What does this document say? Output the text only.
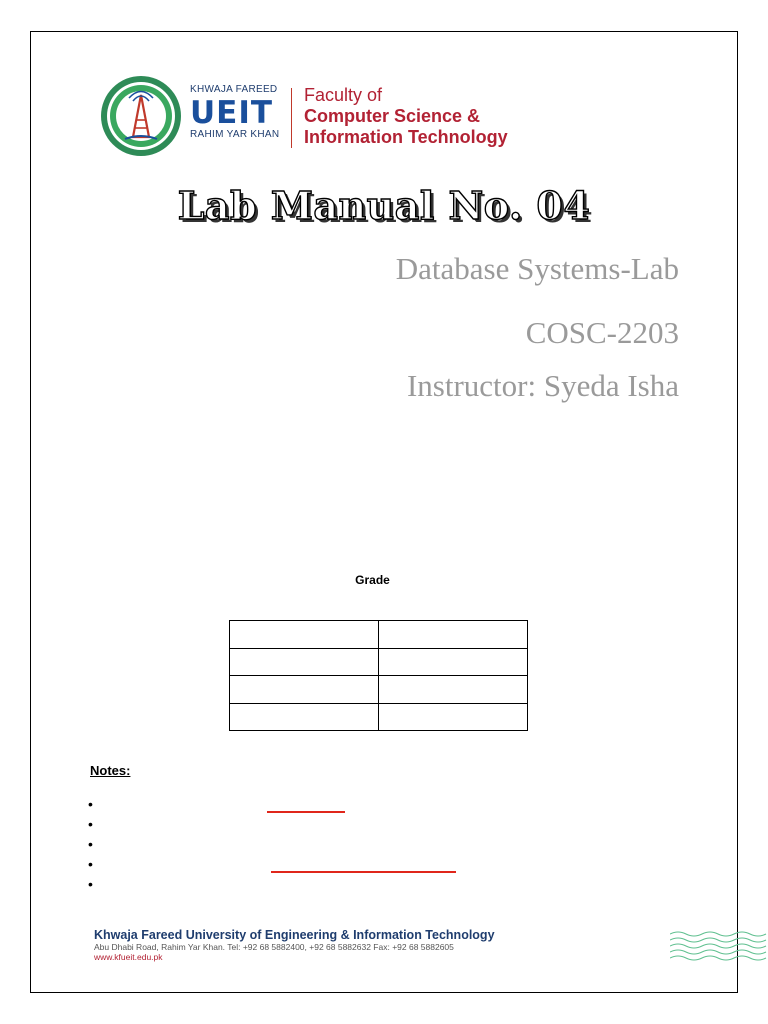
KHWAJA FAREED
UEIT
RAHIM YAR KHAN
Faculty of
Computer Science &
Information Technology
Lab Manual No. 04
Database Systems-Lab
COSC-2203
Instructor: Syeda Isha
Grade

Notes:
•
•
•
•
•
Khwaja Fareed University of Engineering & Information Technology
Abu Dhabi Road, Rahim Yar Khan. Tel: +92 68 5882400, +92 68 5882632 Fax: +92 68 5882605
www.kfueit.edu.pk
